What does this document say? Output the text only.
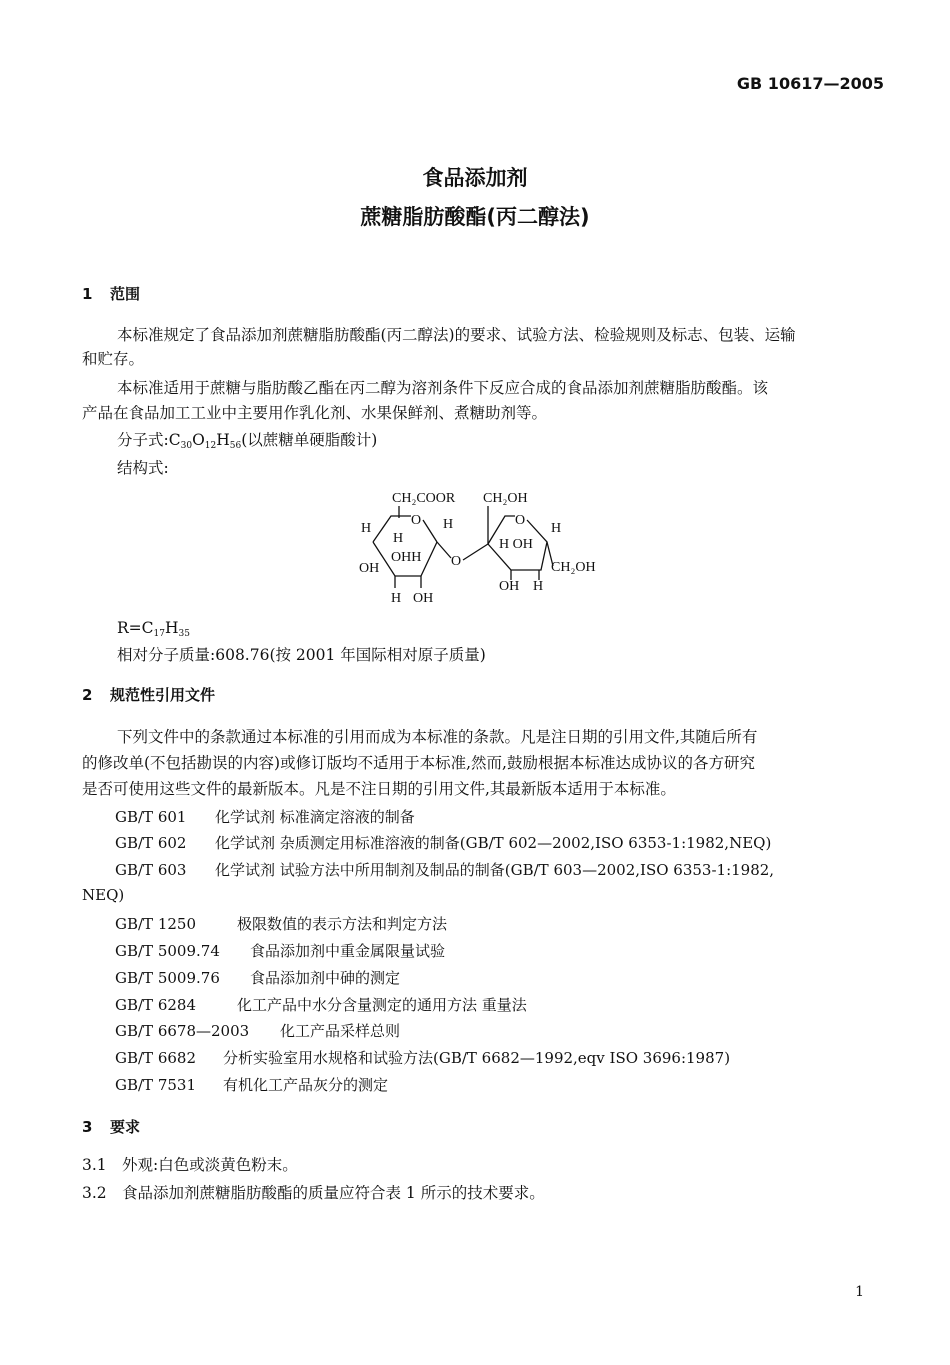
GB 10617—2005
食品添加剂
蔗糖脂肪酸酯(丙二醇法)
1 范围
本标准规定了食品添加剂蔗糖脂肪酸酯(丙二醇法)的要求、试验方法、检验规则及标志、包装、运输
和贮存。
本标准适用于蔗糖与脂肪酸乙酯在丙二醇为溶剂条件下反应合成的食品添加剂蔗糖脂肪酸酯。该
产品在食品加工工业中主要用作乳化剂、水果保鲜剂、煮糖助剂等。
分子式:C30O12H56(以蔗糖单硬脂酸计)
结构式:
CH₂COOR CH₂OH
O
H
H
H
OHH
OH
H OH
O
O
H
H OH
CH₂OH
OH H
R=C17H35
相对分子质量:608.76(按 2001 年国际相对原子质量)
2 规范性引用文件
下列文件中的条款通过本标准的引用而成为本标准的条款。凡是注日期的引用文件,其随后所有
的修改单(不包括勘误的内容)或修订版均不适用于本标准,然而,鼓励根据本标准达成协议的各方研究
是否可使用这些文件的最新版本。凡是不注日期的引用文件,其最新版本适用于本标准。
GB/T 601 化学试剂 标准滴定溶液的制备
GB/T 602 化学试剂 杂质测定用标准溶液的制备(GB/T 602—2002,ISO 6353-1:1982,NEQ)
GB/T 603 化学试剂 试验方法中所用制剂及制品的制备(GB/T 603—2002,ISO 6353-1:1982,
NEQ)
GB/T 1250	极限数值的表示方法和判定方法
GB/T 5009.74 食品添加剂中重金属限量试验
GB/T 5009.76 食品添加剂中砷的测定
GB/T 6284	化工产品中水分含量测定的通用方法 重量法
GB/T 6678—2003 化工产品采样总则
GB/T 6682 分析实验室用水规格和试验方法(GB/T 6682—1992,eqv ISO 3696:1987)
GB/T 7531 有机化工产品灰分的测定
3 要求
3.1 外观:白色或淡黄色粉末。
3.2 食品添加剂蔗糖脂肪酸酯的质量应符合表 1 所示的技术要求。
1
